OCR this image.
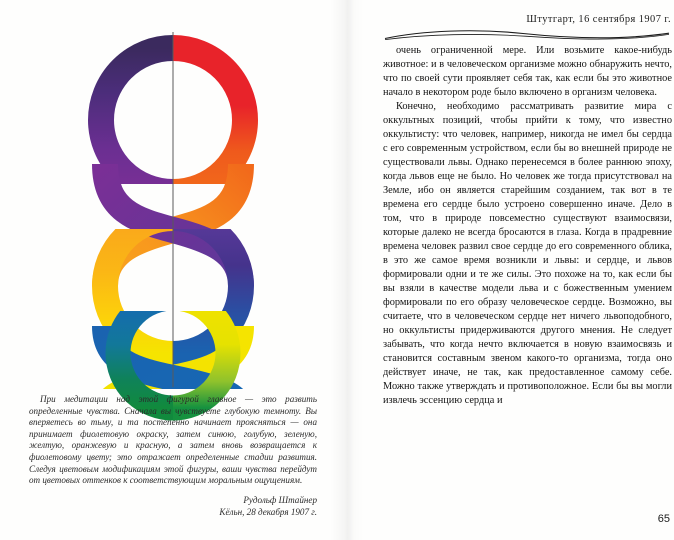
При медитации над этой фигурой главное — это развить определенные чувства. Сначала вы чувствуете глубокую темноту. Вы вперяетесь во тьму, и та постепенно начинает проясняться — она принимает фиолетовую окраску, затем синюю, голубую, зеленую, желтую, оранжевую и красную, а затем вновь возвращается к фиолетовому цвету; это отражает определенные стадии развития. Следуя цветовым модификациям этой фигуры, ваши чувства перейдут от цветовых оттенков к соответствующим моральным ощущениям.

Рудольф Штайнер

Кёльн, 28 декабря 1907 г.

Штутгарт, 16 сентября 1907 г.

очень ограниченной мере. Или возьмите какое-нибудь животное: и в человеческом организме можно обнаружить нечто, что по своей сути проявляет себя так, как если бы это животное начало в некотором роде было включено в организм человека.

Конечно, необходимо рассматривать развитие мира с оккультных позиций, чтобы прийти к тому, что известно оккультисту: что человек, например, никогда не имел бы сердца с его современным устройством, если бы во внешней природе не существовали львы. Однако перенесемся в более раннюю эпоху, когда львов еще не было. Но человек же тогда присутствовал на Земле, ибо он является старейшим созданием, так вот в те времена его сердце было устроено совершенно иначе. Дело в том, что в природе повсеместно существуют взаимосвязи, которые далеко не всегда бросаются в глаза. Когда в прадревние времена человек развил свое сердце до его современного облика, в это же самое время возникли и львы: и сердце, и львов формировали одни и те же силы. Это похоже на то, как если бы вы взяли в качестве модели льва и с божественным умением формировали по его образу человеческое сердце. Возможно, вы считаете, что в человеческом сердце нет ничего львоподобного, но оккультисты придерживаются другого мнения. Не следует забывать, что когда нечто включается в новую взаимосвязь и становится составным звеном какого-то организма, тогда оно действует иначе, не так, как предоставленное самому себе. Можно также утверждать и противоположное. Если бы вы могли извлечь эссенцию сердца и

65
